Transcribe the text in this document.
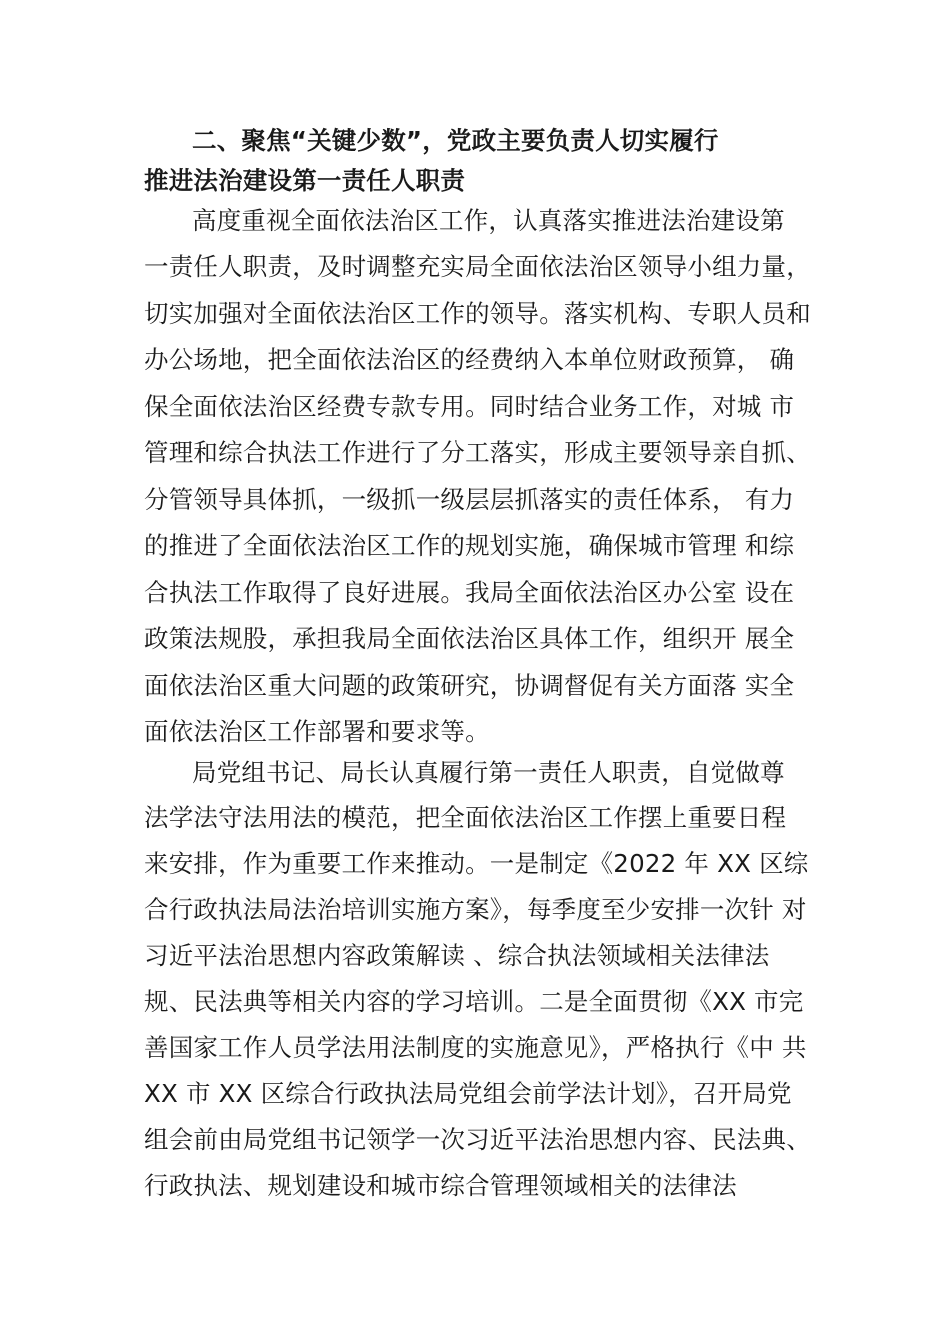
二、聚焦“关键少数”，党政主要负责人切实履行
推进法治建设第一责任人职责
高度重视全面依法治区工作，认真落实推进法治建设第
一责任人职责，及时调整充实局全面依法治区领导小组力量，
切实加强对全面依法治区工作的领导。落实机构、专职人员和
办公场地，把全面依法治区的经费纳入本单位财政预算， 确
保全面依法治区经费专款专用。同时结合业务工作，对城 市
管理和综合执法工作进行了分工落实，形成主要领导亲自抓、
分管领导具体抓，一级抓一级层层抓落实的责任体系， 有力
的推进了全面依法治区工作的规划实施，确保城市管理 和综
合执法工作取得了良好进展。我局全面依法治区办公室 设在
政策法规股，承担我局全面依法治区具体工作，组织开 展全
面依法治区重大问题的政策研究，协调督促有关方面落 实全
面依法治区工作部署和要求等。
局党组书记、局长认真履行第一责任人职责，自觉做尊
法学法守法用法的模范，把全面依法治区工作摆上重要日程
来安排，作为重要工作来推动。一是制定《2022 年 XX 区综
合行政执法局法治培训实施方案》，每季度至少安排一次针 对
习近平法治思想内容政策解读 、综合执法领域相关法律法
规、民法典等相关内容的学习培训。二是全面贯彻《XX 市完
善国家工作人员学法用法制度的实施意见》，严格执行《中 共
XX 市 XX 区综合行政执法局党组会前学法计划》，召开局党
组会前由局党组书记领学一次习近平法治思想内容、民法典、
行政执法、规划建设和城市综合管理领域相关的法律法
